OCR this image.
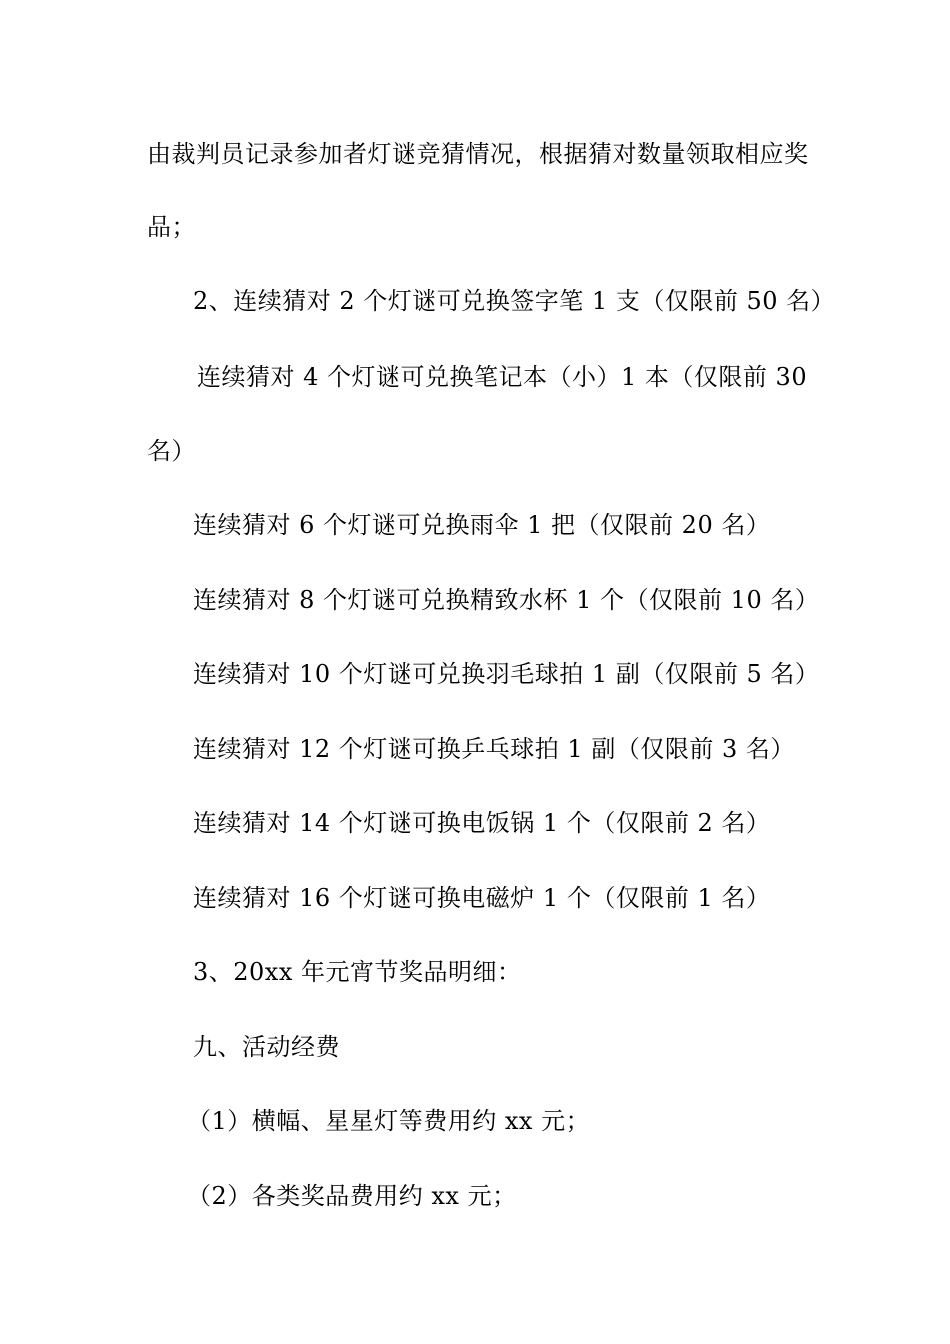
由裁判员记录参加者灯谜竞猜情况，根据猜对数量领取相应奖
品；
2、连续猜对 2 个灯谜可兑换签字笔 1 支（仅限前 50 名）
连续猜对 4 个灯谜可兑换笔记本（小）1 本（仅限前 30
名）
连续猜对 6 个灯谜可兑换雨伞 1 把（仅限前 20 名）
连续猜对 8 个灯谜可兑换精致水杯 1 个（仅限前 10 名）
连续猜对 10 个灯谜可兑换羽毛球拍 1 副（仅限前 5 名）
连续猜对 12 个灯谜可换乒乓球拍 1 副（仅限前 3 名）
连续猜对 14 个灯谜可换电饭锅 1 个（仅限前 2 名）
连续猜对 16 个灯谜可换电磁炉 1 个（仅限前 1 名）
3、20xx 年元宵节奖品明细：
九、活动经费
（1）横幅、星星灯等费用约 xx 元；
（2）各类奖品费用约 xx 元；
